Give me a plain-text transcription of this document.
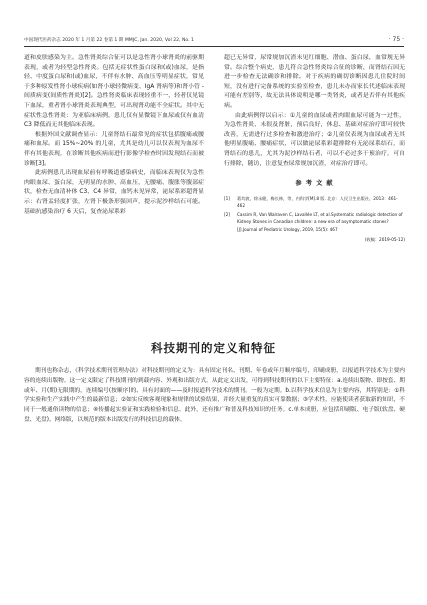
中国现代医药杂志 2020 年 1 月第 22 卷第 1 期 MMJC, Jan. 2020, Vol 22, No. 1	· 75 ·

道和皮肤感染为主。急性肾炎综合征可以是急性肾小球肾炎的前驱期表现，或者为轻型急性肾炎。包括无症状性蛋白尿和(或)血尿，是指轻、中度蛋白尿和(或)血尿，不伴有水肿、高血压等明显症状，常见于多种原发性肾小球疾病(如肾小球轻微病变、IgA 肾病等)和肾小管 - 间质病变(间质性肾炎)[2]。急性肾炎临床表现轻重不一，轻者仅见镜下血尿，重者肾小球肾炎表现典型，可出现肾功能不全症状。其中无症状性急性肾炎：为亚临床病例，患儿仅有显微镜下血尿或仅有血清 C3 降低而无其他临床表现。

根据外国文献调查显示：儿童肾结石最常见的症状包括腹痛或腰痛和血尿。而 15%~20% 的儿童，尤其是幼儿可以仅表现为血尿不伴有其他表现，在诊断其他疾病而进行影像学检查时因发现结石而被诊断[3]。

此病例患儿出现血尿前有呼吸道感染病史，而临床表现仅为急性肉眼血尿、蛋白尿，无明显的水肿、高血压，无腰痛、腹胀等腹部症状，检查无血清补体 C3、C4 异常，血钙未见异常，泌尿系彩超肾显示：右肾盂轻度扩张，左肾下极条形强回声，提示泥沙样结石可能。基础抗感染治疗 6 天后，复查泌尿系彩

超已无异常，尿常规加沉渣未见红细胞、潜血、蛋白尿，血常规无异常。综合整个病史，患儿符合急性肾炎综合征的诊断，而肾结石因无进一步检查无法确诊和排除。对于疾病的确切诊断因患儿住院时间短，没有进行完备系统的实验室检查，患儿未办而家长代述临床表现可能有差别等，故无法具体说明是哪一类肾炎，或者是否伴有其他疾病。

由此病例得以启示：①儿童的血尿或者肉眼血尿可能为一过性，为急性肾炎、未很及肾脏，预后良好，休息、基础对症治疗即可较快改善，无需进行过多检查和激进治疗；②儿童仅表现为血尿或者无其他明显腹痛、腰痛症状，可以做泌尿系彩超排除有无泌尿系结石，而肾结石的患儿，尤其为泥沙样结石者，可以不必过多干预治疗，可自行排除，随访，注意复查尿常规加沉渣，对症治疗即可。

参 考 文 献
[1]	葛均波，徐永健，梅长林，等，内科学[M].8 版. 北京：人民卫生出版社，2013：461-462
[2]	Cassim R, Van Walraven C, Lavallée LT, et al.Systematic radiologic detection of Kidney Stones in Canadian children: a new era of asymptomatic stones?[J].Journal of Pediatric Urology, 2019, 15(5): 467
(收稿：2019-05-12)
科技期刊的定义和特征

期刊也称杂志，《科学技术期刊管理办法》对科技期刊的定义为：具有固定刊名、刊期、年卷或年月顺序编号，印刷成册，以报道科学技术为主要内容的连续出版物。这一定义限定了科技期刊的到载内容、外观和出版方式。从此定义出发，可得到科技期刊的以下主要特征：a.连续出版物、即按套、期或年、月(期)无限期的，连续编号(按顺序)的、具有封面的——及时报道科学技术的期刊。一般为定期。b.以科学技术信息为主要内容，其特别是：①科学实验和生产实践中产生的最新信息；②如实反映客观现象和规律的试验结果，并经大量重复的真实可靠数据；③学术性，应能使读者获取新的知识，不同于一般通俗读物的信息；④传播起实验证和实践检验和信息。此外，还有推广和普及科技知识的任务。c.单本成册，应包括印刷版、电子版(软盘、硬盘、光盘)、网络版，以规范的版本出版发行的科技信息的载体。
